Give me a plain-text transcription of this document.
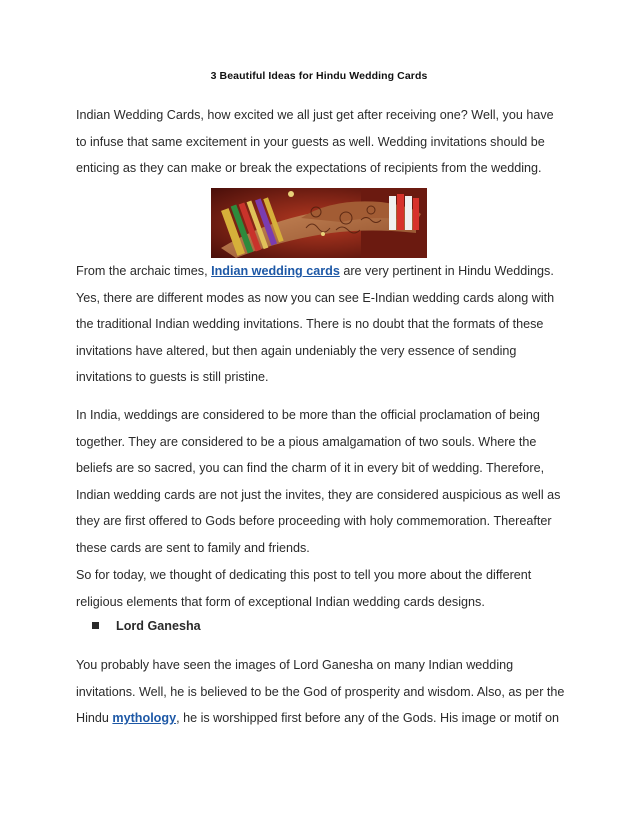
3 Beautiful Ideas for Hindu Wedding Cards
Indian Wedding Cards, how excited we all just get after receiving one? Well, you have to infuse that same excitement in your guests as well. Wedding invitations should be enticing as they can make or break the expectations of recipients from the wedding.
From the archaic times, Indian wedding cards are very pertinent in Hindu Weddings. Yes, there are different modes as now you can see E-Indian wedding cards along with the traditional Indian wedding invitations. There is no doubt that the formats of these invitations have altered, but then again undeniably the very essence of sending invitations to guests is still pristine.
In India, weddings are considered to be more than the official proclamation of being together. They are considered to be a pious amalgamation of two souls. Where the beliefs are so sacred, you can find the charm of it in every bit of wedding. Therefore, Indian wedding cards are not just the invites, they are considered auspicious as well as they are first offered to Gods before proceeding with holy commemoration. Thereafter these cards are sent to family and friends.
So for today, we thought of dedicating this post to tell you more about the different religious elements that form of exceptional Indian wedding cards designs.
Lord Ganesha
You probably have seen the images of Lord Ganesha on many Indian wedding invitations. Well, he is believed to be the God of prosperity and wisdom. Also, as per the
Hindu mythology, he is worshipped first before any of the Gods. His image or motif on
